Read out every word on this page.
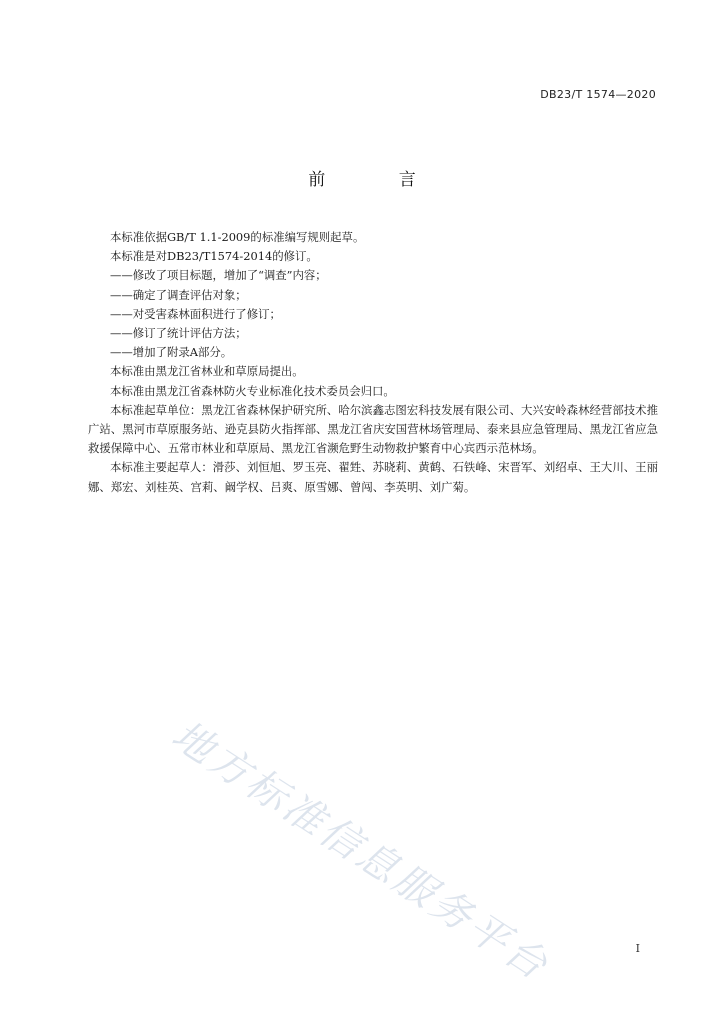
DB23/T 1574—2020
前 言

本标准依据GB/T 1.1-2009的标准编写规则起草。

本标准是对DB23/T1574-2014的修订。

——修改了项目标题，增加了“调查”内容；

——确定了调查评估对象；

——对受害森林面积进行了修订；

——修订了统计评估方法；

——增加了附录A部分。

本标准由黑龙江省林业和草原局提出。

本标准由黑龙江省森林防火专业标准化技术委员会归口。

本标准起草单位：黑龙江省森林保护研究所、哈尔滨鑫志图宏科技发展有限公司、大兴安岭森林经营部技术推广站、黑河市草原服务站、逊克县防火指挥部、黑龙江省庆安国营林场管理局、泰来县应急管理局、黑龙江省应急救援保障中心、五常市林业和草原局、黑龙江省濒危野生动物救护繁育中心宾西示范林场。

本标准主要起草人：滑莎、刘恒旭、罗玉亮、翟甡、苏晓莉、黄鹤、石铁峰、宋晋军、刘绍卓、王大川、王丽娜、郑宏、刘桂英、宫莉、阚学权、吕爽、原雪娜、曾闯、李英明、刘广菊。

地方标准信息服务平台	I
